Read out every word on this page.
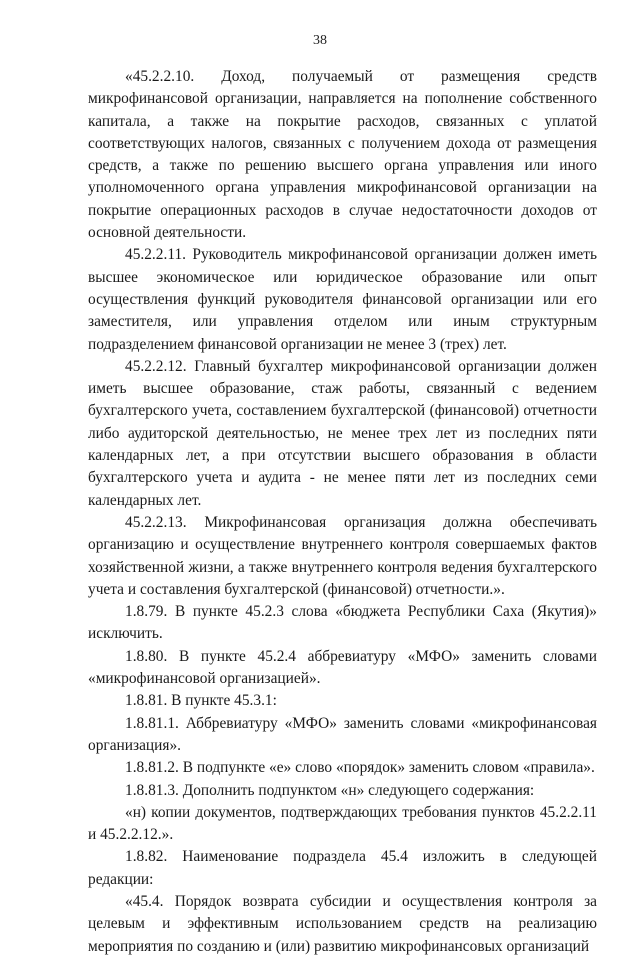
38

«45.2.2.10. Доход, получаемый от размещения средств микрофинансовой организации, направляется на пополнение собственного капитала, а также на покрытие расходов, связанных с уплатой соответствующих налогов, связанных с получением дохода от размещения средств, а также по решению высшего органа управления или иного уполномоченного органа управления микрофинансовой организации на покрытие операционных расходов в случае недостаточности доходов от основной деятельности.

45.2.2.11. Руководитель микрофинансовой организации должен иметь высшее экономическое или юридическое образование или опыт осуществления функций руководителя финансовой организации или его заместителя, или управления отделом или иным структурным подразделением финансовой организации не менее 3 (трех) лет.

45.2.2.12. Главный бухгалтер микрофинансовой организации должен иметь высшее образование, стаж работы, связанный с ведением бухгалтерского учета, составлением бухгалтерской (финансовой) отчетности либо аудиторской деятельностью, не менее трех лет из последних пяти календарных лет, а при отсутствии высшего образования в области бухгалтерского учета и аудита - не менее пяти лет из последних семи календарных лет.

45.2.2.13. Микрофинансовая организация должна обеспечивать организацию и осуществление внутреннего контроля совершаемых фактов хозяйственной жизни, а также внутреннего контроля ведения бухгалтерского учета и составления бухгалтерской (финансовой) отчетности.».

1.8.79. В пункте 45.2.3 слова «бюджета Республики Саха (Якутия)» исключить.

1.8.80. В пункте 45.2.4 аббревиатуру «МФО» заменить словами «микрофинансовой организацией».

1.8.81. В пункте 45.3.1:

1.8.81.1. Аббревиатуру «МФО» заменить словами «микрофинансовая организация».

1.8.81.2. В подпункте «е» слово «порядок» заменить словом «правила».

1.8.81.3. Дополнить подпунктом «н» следующего содержания:

«н) копии документов, подтверждающих требования пунктов 45.2.2.11 и 45.2.2.12.».

1.8.82. Наименование подраздела 45.4 изложить в следующей редакции:

«45.4. Порядок возврата субсидии и осуществления контроля за целевым и эффективным использованием средств на реализацию мероприятия по созданию и (или) развитию микрофинансовых организаций
